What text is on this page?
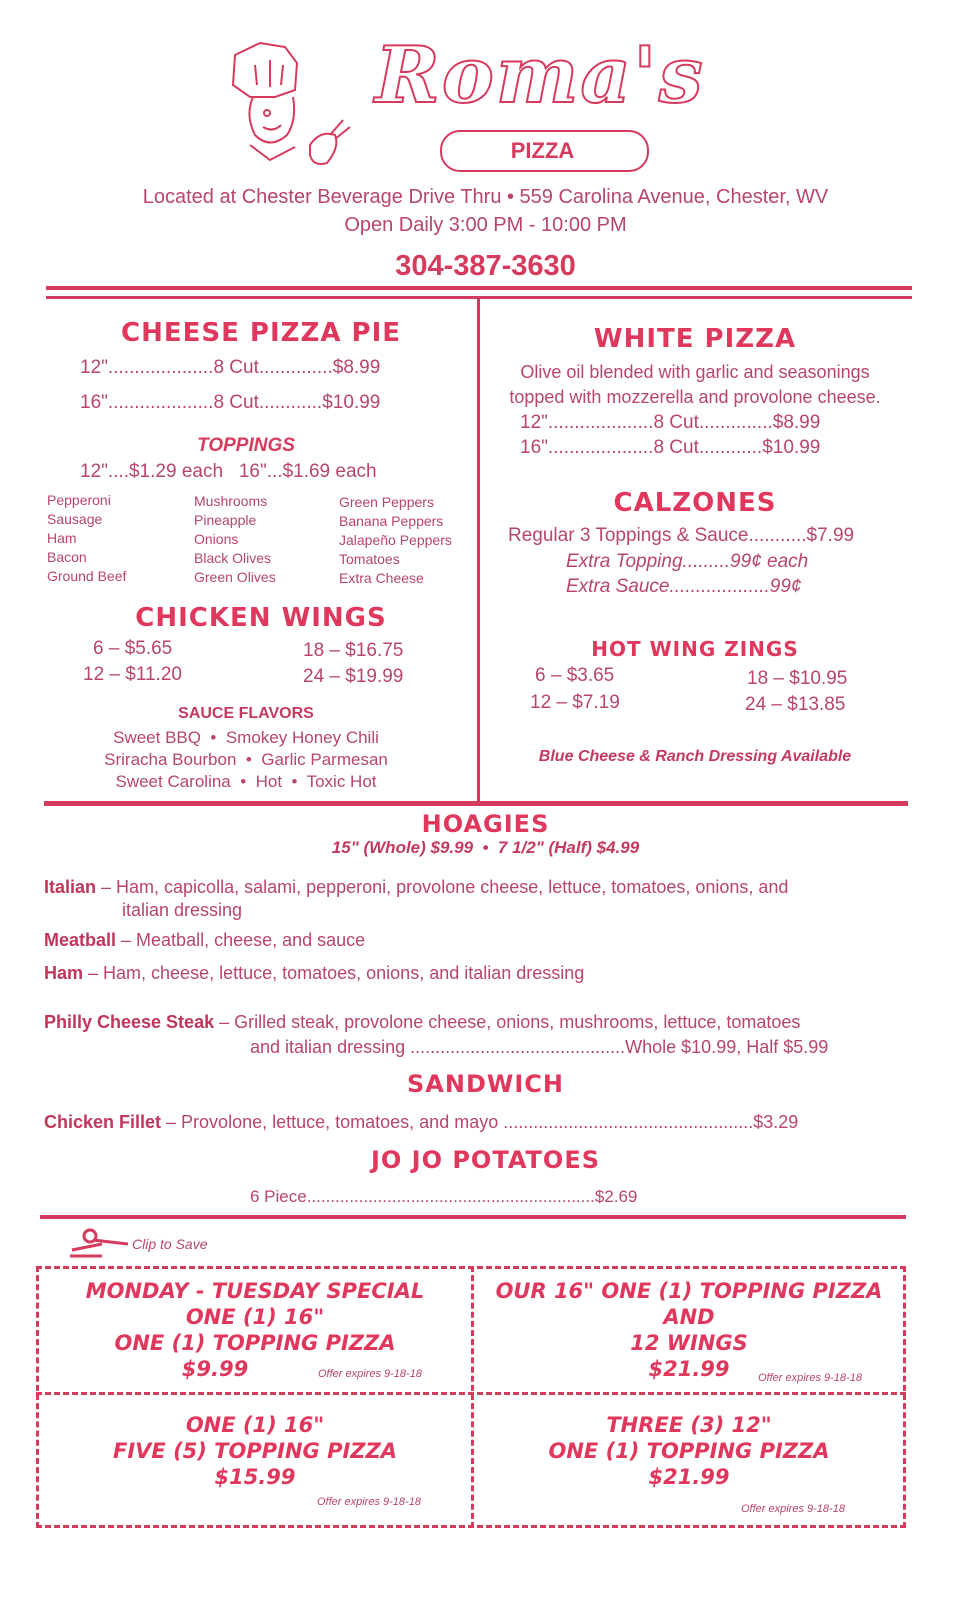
Roma's
PIZZA
Located at Chester Beverage Drive Thru • 559 Carolina Avenue, Chester, WV
Open Daily 3:00 PM - 10:00 PM
304-387-3630
CHEESE PIZZA PIE
12"....................8 Cut..............$8.99
16"....................8 Cut............$10.99
TOPPINGS
12"....$1.29 each   16"...$1.69 each
Pepperoni
Sausage
Ham
Bacon
Ground Beef
Mushrooms
Pineapple
Onions
Black Olives
Green Olives
Green Peppers
Banana Peppers
Jalapeño Peppers
Tomatoes
Extra Cheese
CHICKEN WINGS
6 – $5.65
12 – $11.20
18 – $16.75
24 – $19.99
SAUCE FLAVORS
Sweet BBQ  •  Smokey Honey Chili
Sriracha Bourbon  •  Garlic Parmesan
Sweet Carolina  •  Hot  •  Toxic Hot
WHITE PIZZA
Olive oil blended with garlic and seasonings
topped with mozzerella and provolone cheese.
12"....................8 Cut..............$8.99
16"....................8 Cut............$10.99
CALZONES
Regular 3 Toppings & Sauce...........$7.99
Extra Topping.........99¢ each
Extra Sauce...................99¢
HOT WING ZINGS
6 – $3.65
12 – $7.19
18 – $10.95
24 – $13.85
Blue Cheese & Ranch Dressing Available
HOAGIES
15" (Whole) $9.99  •  7 1/2" (Half) $4.99
Italian – Ham, capicolla, salami, pepperoni, provolone cheese, lettuce, tomatoes, onions, and
italian dressing
Meatball – Meatball, cheese, and sauce
Ham – Ham, cheese, lettuce, tomatoes, onions, and italian dressing
Philly Cheese Steak – Grilled steak, provolone cheese, onions, mushrooms, lettuce, tomatoes
and italian dressing ...........................................Whole $10.99, Half $5.99
SANDWICH
Chicken Fillet – Provolone, lettuce, tomatoes, and mayo ..................................................$3.29
JO JO POTATOES
6 Piece.............................................................$2.69
Clip to Save
MONDAY - TUESDAY SPECIAL
ONE (1) 16"
ONE (1) TOPPING PIZZA
$9.99	Offer expires 9-18-18
OUR 16" ONE (1) TOPPING PIZZA
AND
12 WINGS
$21.99	Offer expires 9-18-18
ONE (1) 16"
FIVE (5) TOPPING PIZZA
$15.99
Offer expires 9-18-18
THREE (3) 12"
ONE (1) TOPPING PIZZA
$21.99
Offer expires 9-18-18
